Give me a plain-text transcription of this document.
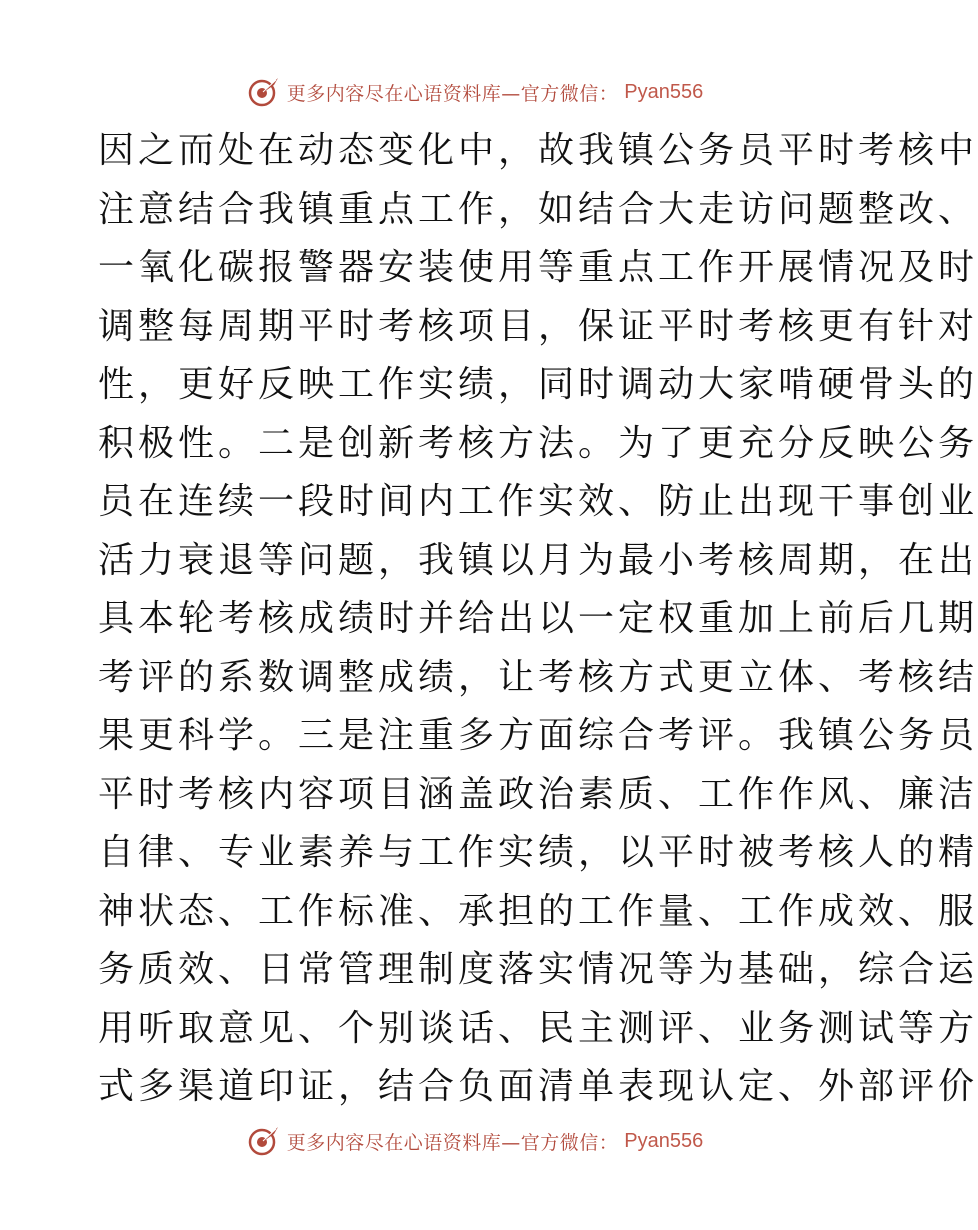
更多内容尽在心语资料库—官方微信： Pyan556
因之而处在动态变化中，故我镇公务员平时考核中
注意结合我镇重点工作，如结合大走访问题整改、
一氧化碳报警器安装使用等重点工作开展情况及时
调整每周期平时考核项目，保证平时考核更有针对
性，更好反映工作实绩，同时调动大家啃硬骨头的
积极性。二是创新考核方法。为了更充分反映公务
员在连续一段时间内工作实效、防止出现干事创业
活力衰退等问题，我镇以月为最小考核周期，在出
具本轮考核成绩时并给出以一定权重加上前后几期
考评的系数调整成绩，让考核方式更立体、考核结
果更科学。三是注重多方面综合考评。我镇公务员
平时考核内容项目涵盖政治素质、工作作风、廉洁
自律、专业素养与工作实绩，以平时被考核人的精
神状态、工作标准、承担的工作量、工作成效、服
务质效、日常管理制度落实情况等为基础，综合运
用听取意见、个别谈话、民主测评、业务测试等方
式多渠道印证，结合负面清单表现认定、外部评价
更多内容尽在心语资料库—官方微信： Pyan556
